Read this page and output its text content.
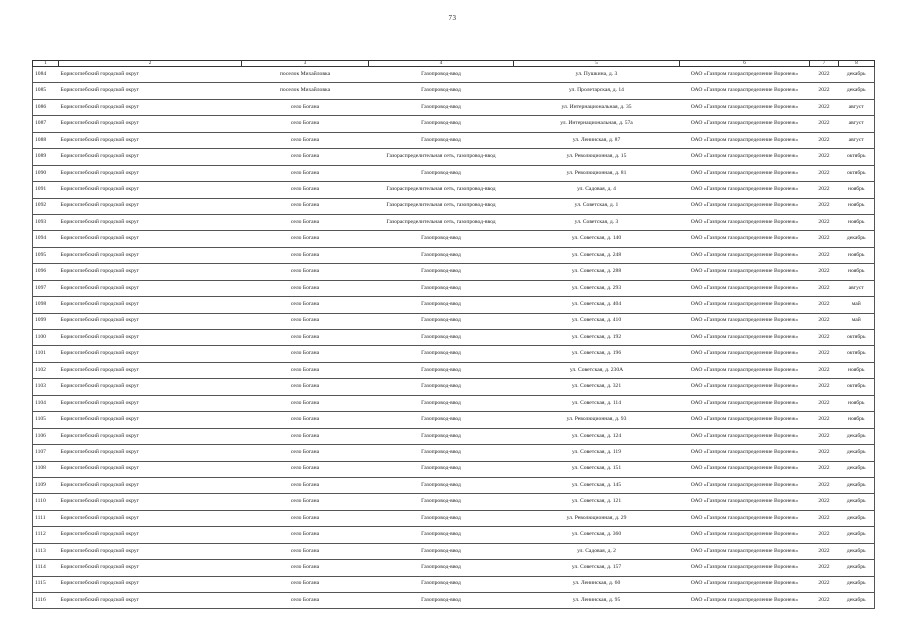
73
1	2	3	4	5	6	7	8
1084	Борисоглебский городской округ	поселок Михайловка	Газопровод-ввод	ул. Пушкина, д. 3	ОАО «Газпром газораспределение Воронеж»	2022	декабрь
1085	Борисоглебский городской округ	поселок Михайловка	Газопровод-ввод	ул. Пролетарская, д. 14	ОАО «Газпром газораспределение Воронеж»	2022	декабрь
1086	Борисоглебский городской округ	село Богана	Газопровод-ввод	ул. Интернациональная, д. 35	ОАО «Газпром газораспределение Воронеж»	2022	август
1087	Борисоглебский городской округ	село Богана	Газопровод-ввод	ул. Интернациональная, д. 57а	ОАО «Газпром газораспределение Воронеж»	2022	август
1088	Борисоглебский городской округ	село Богана	Газопровод-ввод	ул. Ленинская, д. 87	ОАО «Газпром газораспределение Воронеж»	2022	август
1089	Борисоглебский городской округ	село Богана	Газораспределительная сеть, газопровод-ввод	ул. Революционная, д. 15	ОАО «Газпром газораспределение Воронеж»	2022	октябрь
1090	Борисоглебский городской округ	село Богана	Газопровод-ввод	ул. Революционная, д. 81	ОАО «Газпром газораспределение Воронеж»	2022	октябрь
1091	Борисоглебский городской округ	село Богана	Газораспределительная сеть, газопровод-ввод	ул. Садовая, д. 4	ОАО «Газпром газораспределение Воронеж»	2022	ноябрь
1092	Борисоглебский городской округ	село Богана	Газораспределительная сеть, газопровод-ввод	ул. Советская, д. 1	ОАО «Газпром газораспределение Воронеж»	2022	ноябрь
1093	Борисоглебский городской округ	село Богана	Газораспределительная сеть, газопровод-ввод	ул. Советская, д. 3	ОАО «Газпром газораспределение Воронеж»	2022	ноябрь
1094	Борисоглебский городской округ	село Богана	Газопровод-ввод	ул. Советская, д. 140	ОАО «Газпром газораспределение Воронеж»	2022	декабрь
1095	Борисоглебский городской округ	село Богана	Газопровод-ввод	ул. Советская, д. 248	ОАО «Газпром газораспределение Воронеж»	2022	ноябрь
1096	Борисоглебский городской округ	село Богана	Газопровод-ввод	ул. Советская, д. 288	ОАО «Газпром газораспределение Воронеж»	2022	ноябрь
1097	Борисоглебский городской округ	село Богана	Газопровод-ввод	ул. Советская, д. 293	ОАО «Газпром газораспределение Воронеж»	2022	август
1098	Борисоглебский городской округ	село Богана	Газопровод-ввод	ул. Советская, д. 404	ОАО «Газпром газораспределение Воронеж»	2022	май
1099	Борисоглебский городской округ	село Богана	Газопровод-ввод	ул. Советская, д. 410	ОАО «Газпром газораспределение Воронеж»	2022	май
1100	Борисоглебский городской округ	село Богана	Газопровод-ввод	ул. Советская, д. 192	ОАО «Газпром газораспределение Воронеж»	2022	октябрь
1101	Борисоглебский городской округ	село Богана	Газопровод-ввод	ул. Советская, д. 196	ОАО «Газпром газораспределение Воронеж»	2022	октябрь
1102	Борисоглебский городской округ	село Богана	Газопровод-ввод	ул. Советская, д. 230А	ОАО «Газпром газораспределение Воронеж»	2022	ноябрь
1103	Борисоглебский городской округ	село Богана	Газопровод-ввод	ул. Советская, д. 321	ОАО «Газпром газораспределение Воронеж»	2022	октябрь
1104	Борисоглебский городской округ	село Богана	Газопровод-ввод	ул. Советская, д. 114	ОАО «Газпром газораспределение Воронеж»	2022	ноябрь
1105	Борисоглебский городской округ	село Богана	Газопровод-ввод	ул. Революционная, д. 93	ОАО «Газпром газораспределение Воронеж»	2022	ноябрь
1106	Борисоглебский городской округ	село Богана	Газопровод-ввод	ул. Советская, д. 124	ОАО «Газпром газораспределение Воронеж»	2022	декабрь
1107	Борисоглебский городской округ	село Богана	Газопровод-ввод	ул. Советская, д. 119	ОАО «Газпром газораспределение Воронеж»	2022	декабрь
1108	Борисоглебский городской округ	село Богана	Газопровод-ввод	ул. Советская, д. 151	ОАО «Газпром газораспределение Воронеж»	2022	декабрь
1109	Борисоглебский городской округ	село Богана	Газопровод-ввод	ул. Советская, д. 145	ОАО «Газпром газораспределение Воронеж»	2022	декабрь
1110	Борисоглебский городской округ	село Богана	Газопровод-ввод	ул. Советская, д. 121	ОАО «Газпром газораспределение Воронеж»	2022	декабрь
1111	Борисоглебский городской округ	село Богана	Газопровод-ввод	ул. Революционная, д. 29	ОАО «Газпром газораспределение Воронеж»	2022	декабрь
1112	Борисоглебский городской округ	село Богана	Газопровод-ввод	ул. Советская, д. 360	ОАО «Газпром газораспределение Воронеж»	2022	декабрь
1113	Борисоглебский городской округ	село Богана	Газопровод-ввод	ул. Садовая, д. 2	ОАО «Газпром газораспределение Воронеж»	2022	декабрь
1114	Борисоглебский городской округ	село Богана	Газопровод-ввод	ул. Советская, д. 157	ОАО «Газпром газораспределение Воронеж»	2022	декабрь
1115	Борисоглебский городской округ	село Богана	Газопровод-ввод	ул. Ленинская, д. 60	ОАО «Газпром газораспределение Воронеж»	2022	декабрь
1116	Борисоглебский городской округ	село Богана	Газопровод-ввод	ул. Ленинская, д. 95	ОАО «Газпром газораспределение Воронеж»	2022	декабрь
